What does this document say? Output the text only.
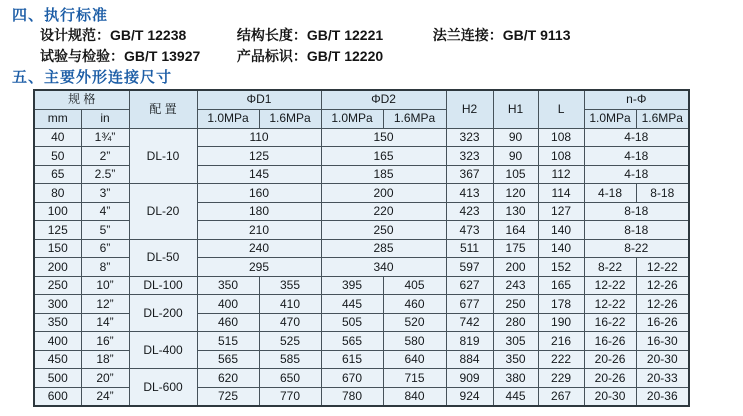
四、执行标准
设计规范：GB/T 12238	结构长度：GB/T 12221	法兰连接：GB/T 9113
试验与检验：GB/T 13927	产品标识：GB/T 12220
五、主要外形连接尺寸
规 格		配 置	ΦD1		ΦD2		H2	H1	L	n-Φ	
mm	in		1.0MPa	1.6MPa	1.0MPa	1.6MPa				1.0MPa	1.6MPa
40	1¾”	DL-10	110		150		323	90	108	4-18	
50	2”		125		165		323	90	108	4-18	
65	2.5”		145		185		367	105	112	4-18	
80	3”	DL-20	160		200		413	120	114	4-18	8-18
100	4”		180		220		423	130	127	8-18	
125	5”		210		250		473	164	140	8-18	
150	6”	DL-50	240		285		511	175	140	8-22	
200	8”		295		340		597	200	152	8-22	12-22
250	10”	DL-100	350	355	395	405	627	243	165	12-22	12-26
300	12”	DL-200	400	410	445	460	677	250	178	12-22	12-26
350	14”		460	470	505	520	742	280	190	16-22	16-26
400	16”	DL-400	515	525	565	580	819	305	216	16-26	16-30
450	18”		565	585	615	640	884	350	222	20-26	20-30
500	20”	DL-600	620	650	670	715	909	380	229	20-26	20-33
600	24”		725	770	780	840	924	445	267	20-30	20-36
